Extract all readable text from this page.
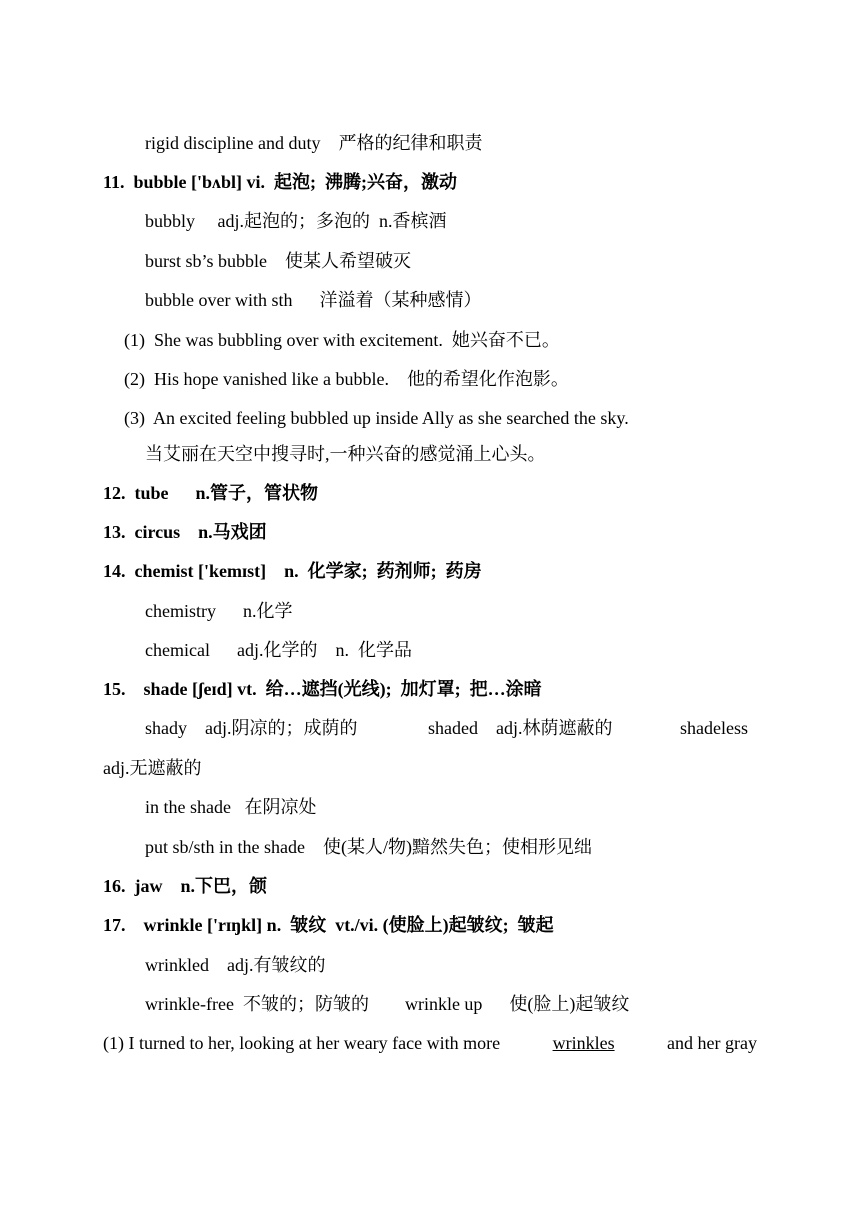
rigid discipline and duty    严格的纪律和职责
11.  bubble ['bʌbl] vi.  起泡;  沸腾;兴奋，激动
bubbly     adj.起泡的；多泡的  n.香槟酒
burst sb’s bubble    使某人希望破灭
bubble over with sth      洋溢着（某种感情）
(1)  She was bubbling over with excitement.  她兴奋不已。
(2)  His hope vanished like a bubble.    他的希望化作泡影。
(3)  An excited feeling bubbled up inside Ally as she searched the sky.
当艾丽在天空中搜寻时,一种兴奋的感觉涌上心头。
12.  tube      n.管子，管状物
13.  circus    n.马戏团
14.  chemist ['kemɪst]    n.  化学家;  药剂师;  药房
chemistry      n.化学
chemical      adj.化学的    n.  化学品
15.    shade [ʃeɪd] vt.  给…遮挡(光线);  加灯罩;  把…涂暗
shady    adj.阴凉的；成荫的	shaded    adj.林荫遮蔽的	shadeless
adj.无遮蔽的
in the shade   在阴凉处
put sb/sth in the shade    使(某人/物)黯然失色；使相形见绌
16.  jaw    n.下巴，颌
17.    wrinkle ['rɪŋkl] n.  皱纹  vt./vi. (使脸上)起皱纹;  皱起
wrinkled    adj.有皱纹的
wrinkle-free  不皱的；防皱的        wrinkle up      使(脸上)起皱纹
(1) I turned to her, looking at her weary face with more	wrinkles	and her gray
